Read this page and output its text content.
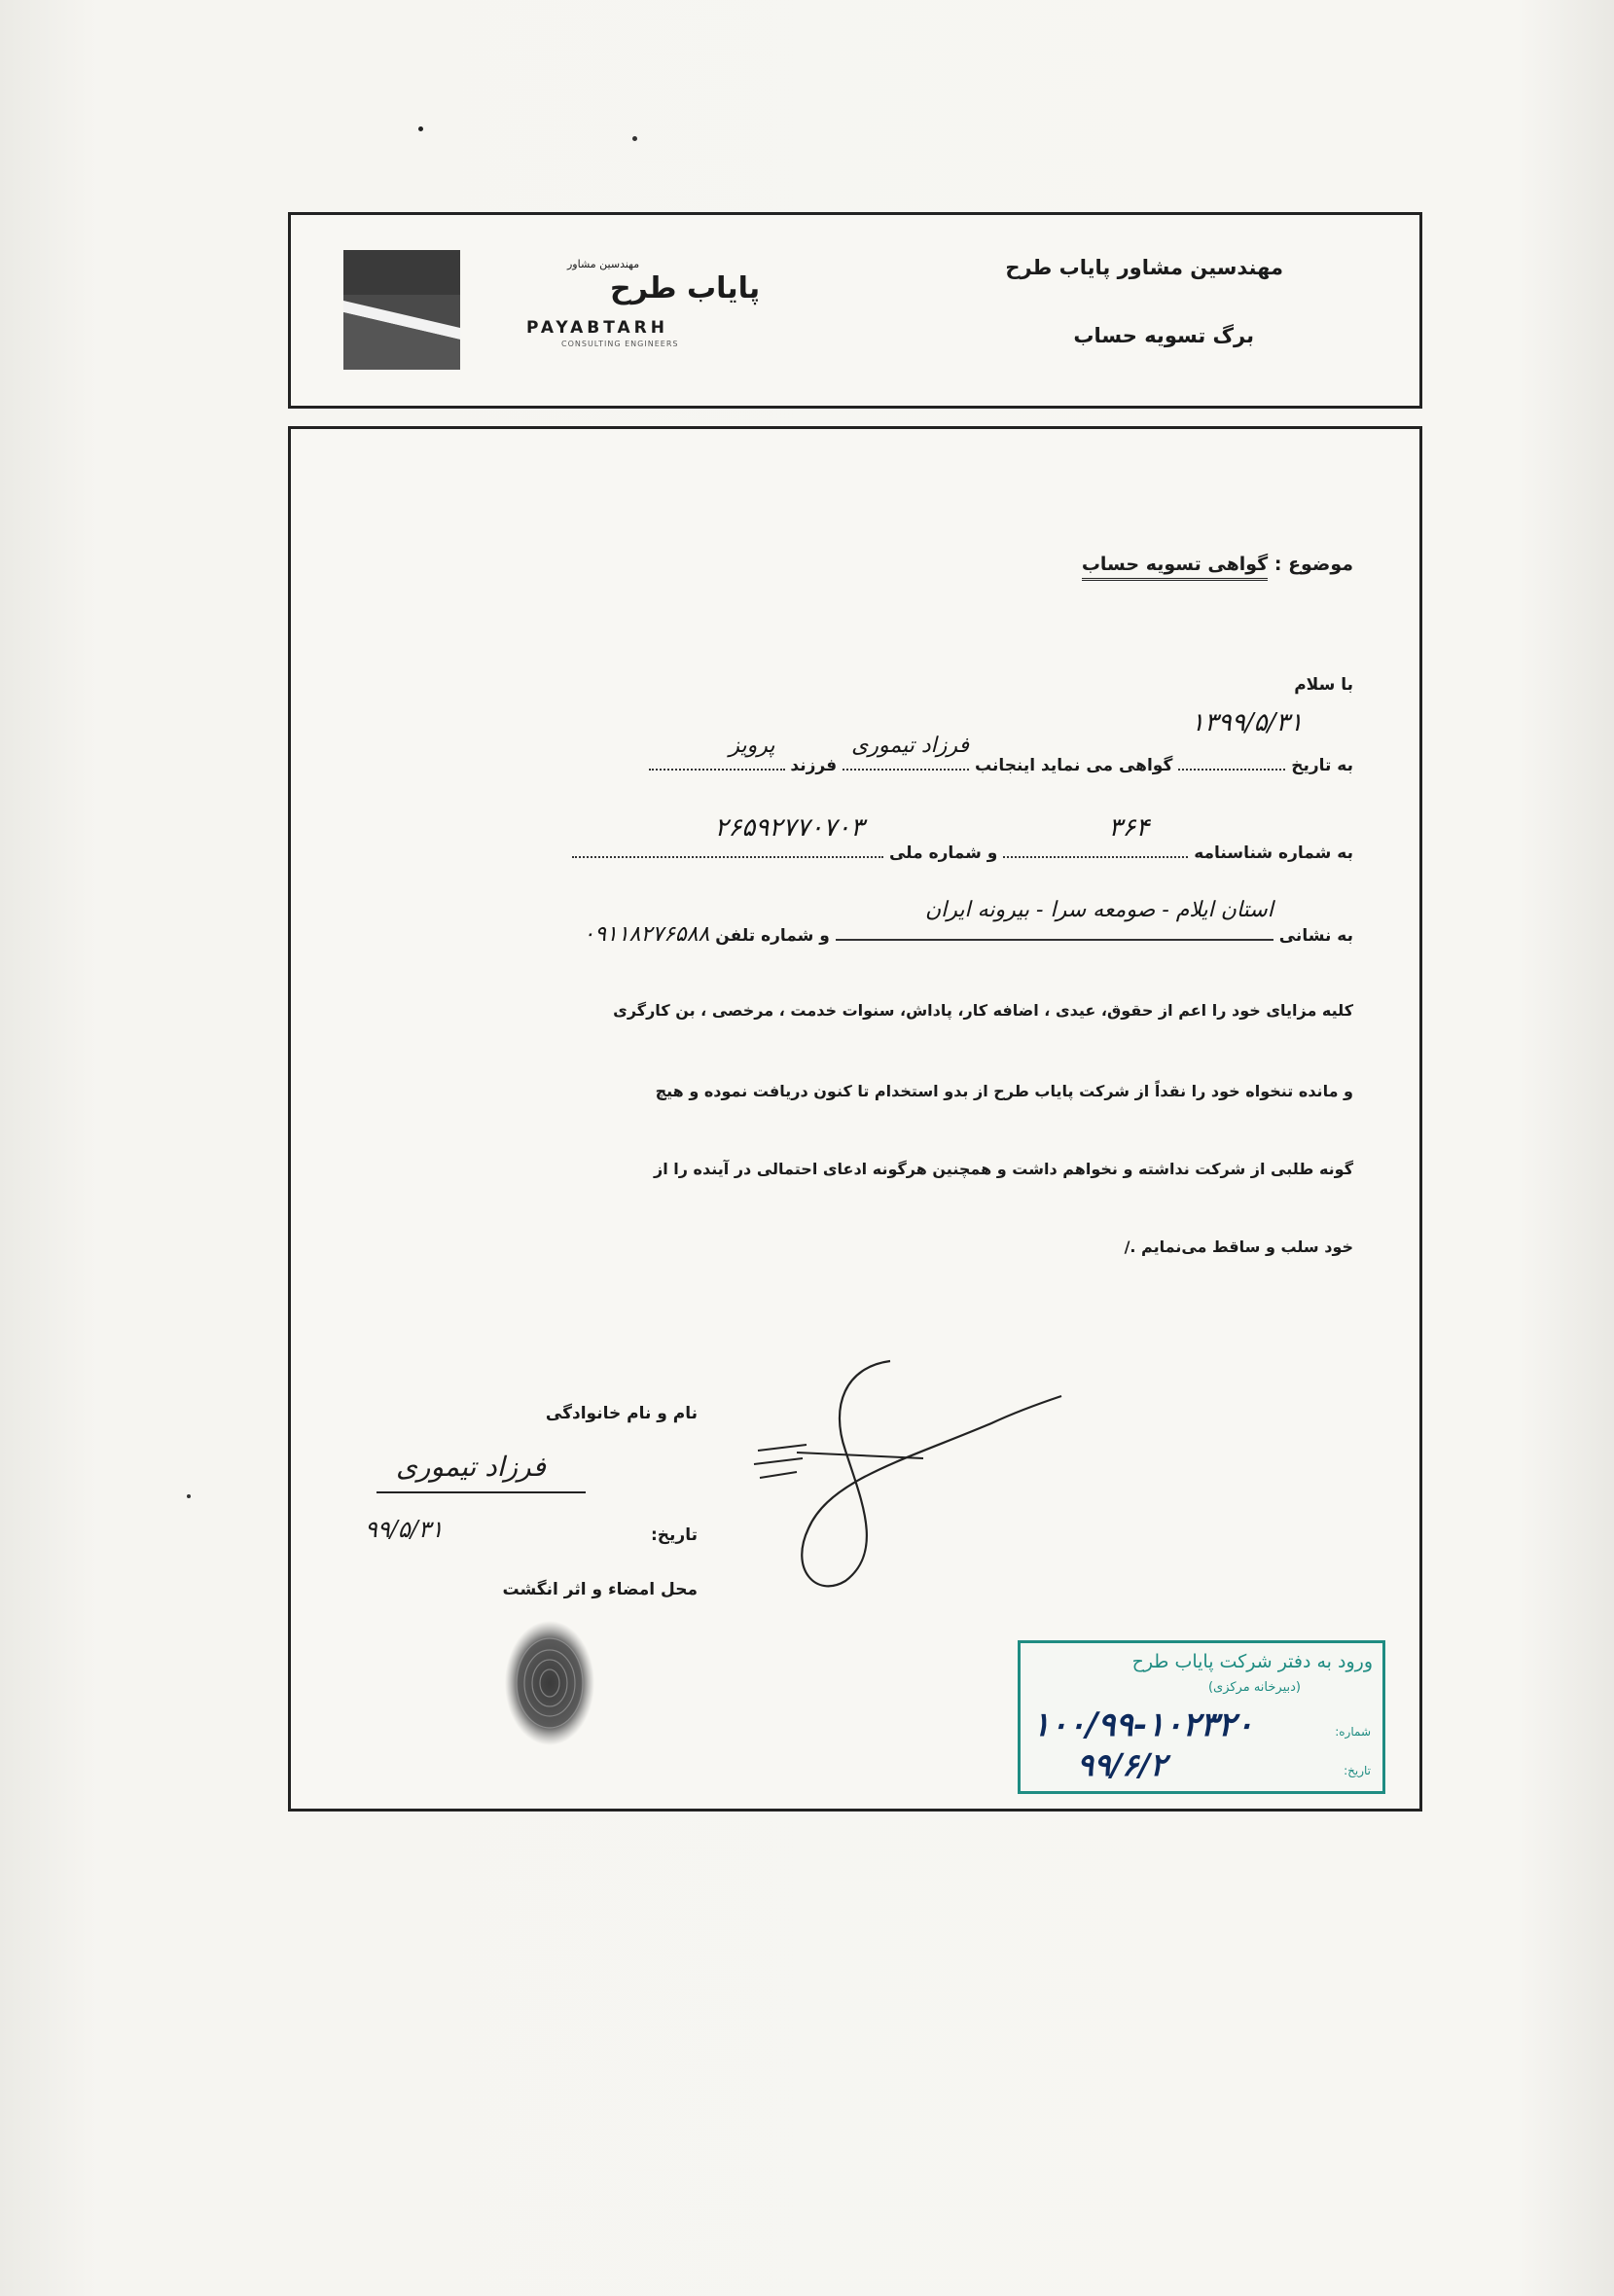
مهندسین مشاور پایاب طرح
برگ تسویه حساب
مهندسین مشاور
پایاب طرح
PAYABTARH
CONSULTING ENGINEERS
موضوع : گواهی تسویه حساب
با سلام
به تاریخ
۱۳۹۹/۵/۳۱
گواهی می نماید اینجانب
فرزاد تیموری
فرزند
پرویز
به شماره شناسنامه
۳۶۴
و شماره ملی
۲۶۵۹۲۷۷۰۷۰۳
به نشانی
استان ایلام - صومعه سرا - بیرونه ایران
و شماره تلفن ۰۹۱۱۸۲۷۶۵۸۸
کلیه مزایای خود را اعم از حقوق، عیدی ، اضافه کار، پاداش، سنوات خدمت ، مرخصی ، بن کارگری
و مانده تنخواه خود را نقداً از شرکت پایاب طرح از بدو استخدام تا کنون دریافت نموده و هیچ
گونه طلبی از شرکت نداشته و نخواهم داشت و همچنین هرگونه ادعای احتمالی در آینده را از
خود سلب و ساقط می‌نمایم ./
نام و نام خانوادگی
فرزاد تیموری
تاریخ:
۹۹/۵/۳۱
محل امضاء و اثر انگشت
ورود به دفتر شرکت پایاب طرح
(دبیرخانه مرکزی)
شماره:
تاریخ:
۱۰۰/۹۹-۱۰۲۳۲۰
۹۹/۶/۲
